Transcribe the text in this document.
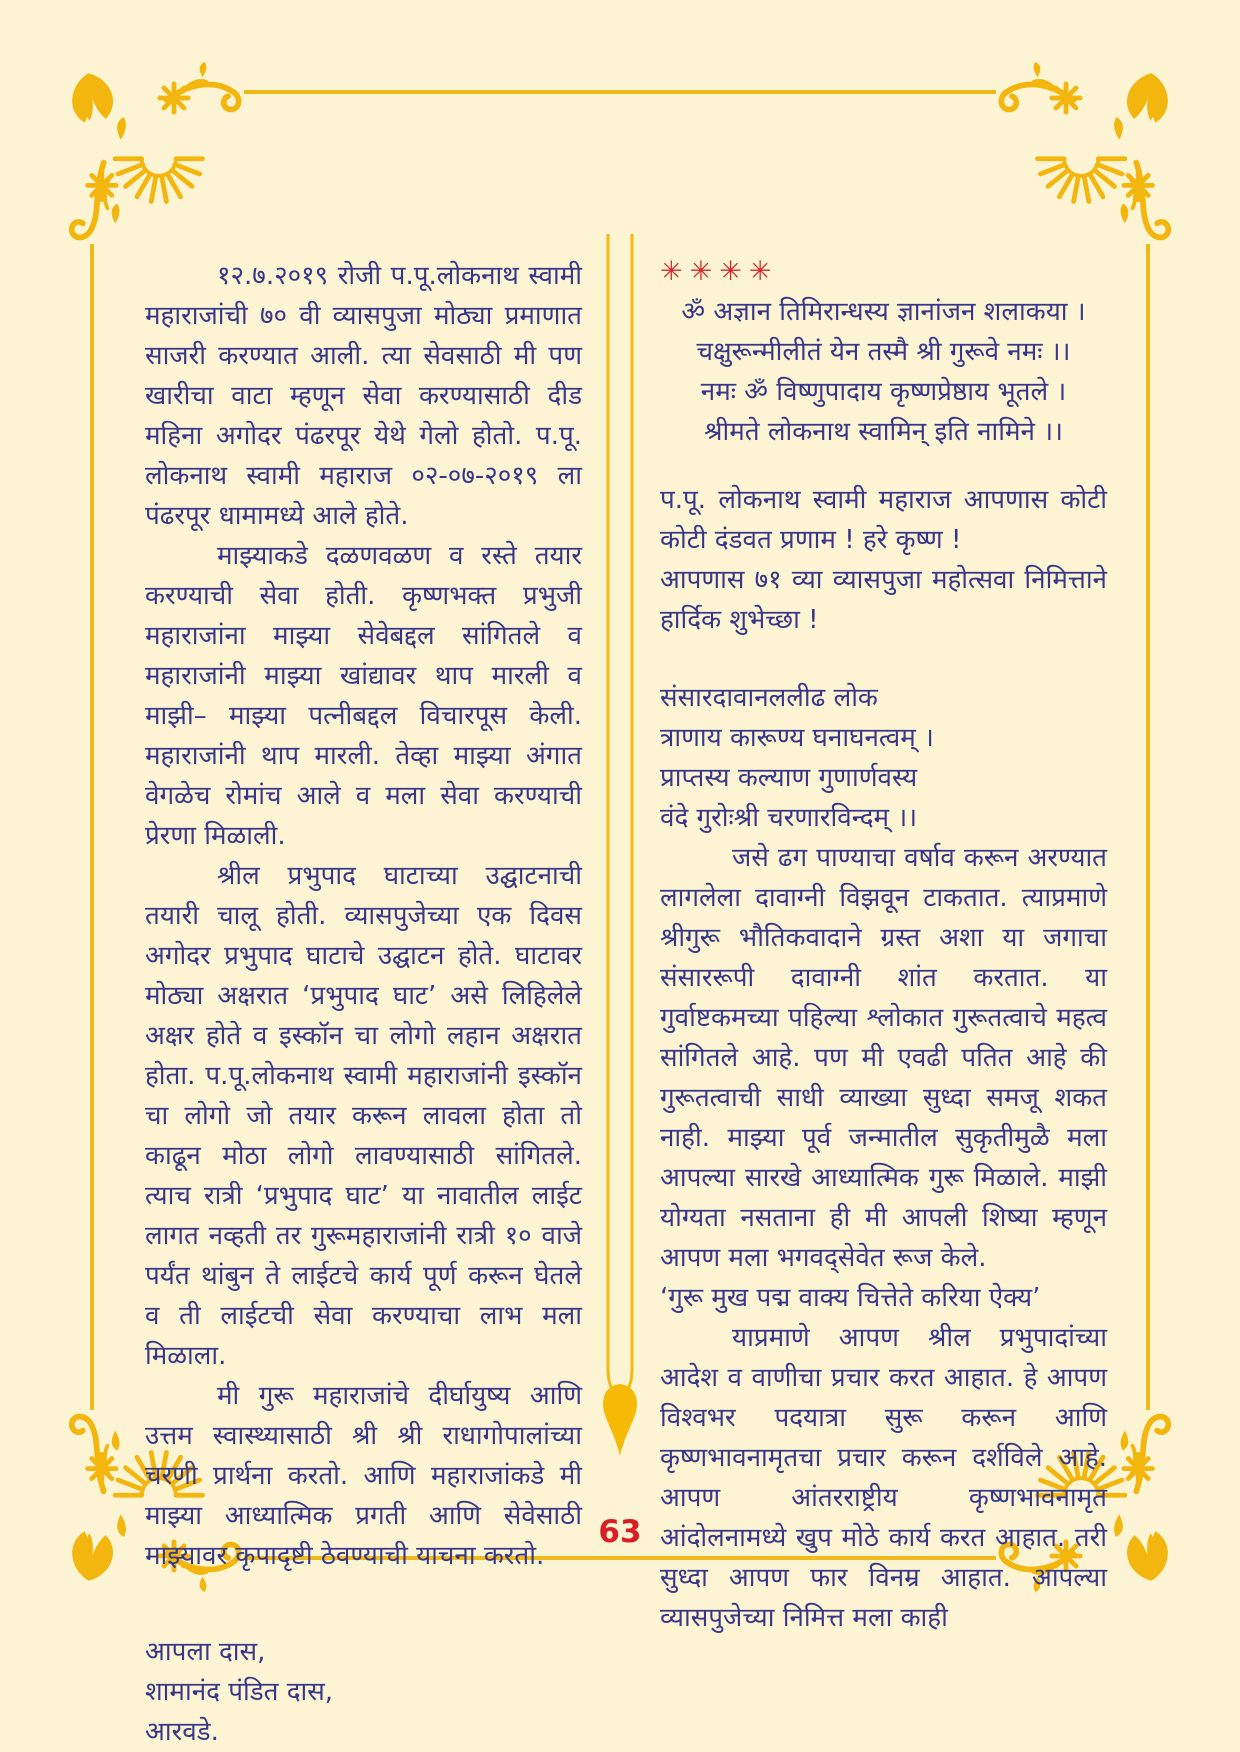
१२.७.२०१९ रोजी प.पू.लोकनाथ स्वामी महाराजांची ७० वी व्यासपुजा मोठ्या प्रमाणात साजरी करण्यात आली. त्या सेवसाठी मी पण खारीचा वाटा म्हणून सेवा करण्यासाठी दीड महिना अगोदर पंढरपूर येथे गेलो होतो. प.पू. लोकनाथ स्वामी महाराज ०२-०७-२०१९ ला पंढरपूर धामामध्ये आले होते.

माझ्याकडे दळणवळण व रस्ते तयार करण्याची सेवा होती. कृष्णभक्त प्रभुजी महाराजांना माझ्या सेवेबद्दल सांगितले व महाराजांनी माझ्या खांद्यावर थाप मारली व माझी– माझ्या पत्नीबद्दल विचारपूस केली. महाराजांनी थाप मारली. तेव्हा माझ्या अंगात वेगळेच रोमांच आले व मला सेवा करण्याची प्रेरणा मिळाली.

श्रील प्रभुपाद घाटाच्या उद्घाटनाची तयारी चालू होती. व्यासपुजेच्या एक दिवस अगोदर प्रभुपाद घाटाचे उद्घाटन होते. घाटावर मोठ्या अक्षरात ‘प्रभुपाद घाट’ असे लिहिलेले अक्षर होते व इस्कॉन चा लोगो लहान अक्षरात होता. प.पू.लोकनाथ स्वामी महाराजांनी इस्कॉन चा लोगो जो तयार करून लावला होता तो काढून मोठा लोगो लावण्यासाठी सांगितले. त्याच रात्री ‘प्रभुपाद घाट’ या नावातील लाईट लागत नव्हती तर गुरूमहाराजांनी रात्री १० वाजे पर्यंत थांबुन ते लाईटचे कार्य पूर्ण करून घेतले व ती लाईटची सेवा करण्याचा लाभ मला मिळाला.

मी गुरू महाराजांचे दीर्घायुष्य आणि उत्तम स्वास्थ्यासाठी श्री श्री राधागोपालांच्या चरणी प्रार्थना करतो. आणि महाराजांकडे मी माझ्या आध्यात्मिक प्रगती आणि सेवेसाठी माझ्यावर कृपादृष्टी ठेवण्याची याचना करतो.

आपला दास,

शामानंद पंडित दास,

आरवडे.

✳✳✳✳

ॐ अज्ञान तिमिरान्धस्य ज्ञानांजन शलाकया ।

चक्षुरून्मीलीतं येन तस्मै श्री गुरूवे नमः ।।

नमः ॐ विष्णुपादाय कृष्णप्रेष्ठाय भूतले ।

श्रीमते लोकनाथ स्वामिन् इति नामिने ।।

प.पू. लोकनाथ स्वामी महाराज आपणास कोटी कोटी दंडवत प्रणाम ! हरे कृष्ण !

आपणास ७१ व्या व्यासपुजा महोत्सवा निमित्ताने हार्दिक शुभेच्छा !

संसारदावानललीढ लोक

त्राणाय कारूण्य घनाघनत्वम् ।

प्राप्तस्य कल्याण गुणार्णवस्य

वंदे गुरोःश्री चरणारविन्दम् ।।

जसे ढग पाण्याचा वर्षाव करून अरण्यात लागलेला दावाग्नी विझवून टाकतात. त्याप्रमाणे श्रीगुरू भौतिकवादाने ग्रस्त अशा या जगाचा संसाररूपी दावाग्नी शांत करतात. या गुर्वाष्टकमच्या पहिल्या श्लोकात गुरूतत्वाचे महत्व सांगितले आहे. पण मी एवढी पतित आहे की गुरूतत्वाची साधी व्याख्या सुध्दा समजू शकत नाही. माझ्या पूर्व जन्मातील सुकृतीमुळै मला आपल्या सारखे आध्यात्मिक गुरू मिळाले. माझी योग्यता नसताना ही मी आपली शिष्या म्हणून आपण मला भगवद्सेवेत रूज केले.

‘गुरू मुख पद्म वाक्य चित्तेते करिया ऐक्य’

याप्रमाणे आपण श्रील प्रभुपादांच्या आदेश व वाणीचा प्रचार करत आहात. हे आपण विश्वभर पदयात्रा सुरू करून आणि कृष्णभावनामृतचा प्रचार करून दर्शविले आहे. आपण आंतरराष्ट्रीय कृष्णभावनामृत आंदोलनामध्ये खुप मोठे कार्य करत आहात. तरी सुध्दा आपण फार विनम्र आहात. आपल्या व्यासपुजेच्या निमित्त मला काही

63
